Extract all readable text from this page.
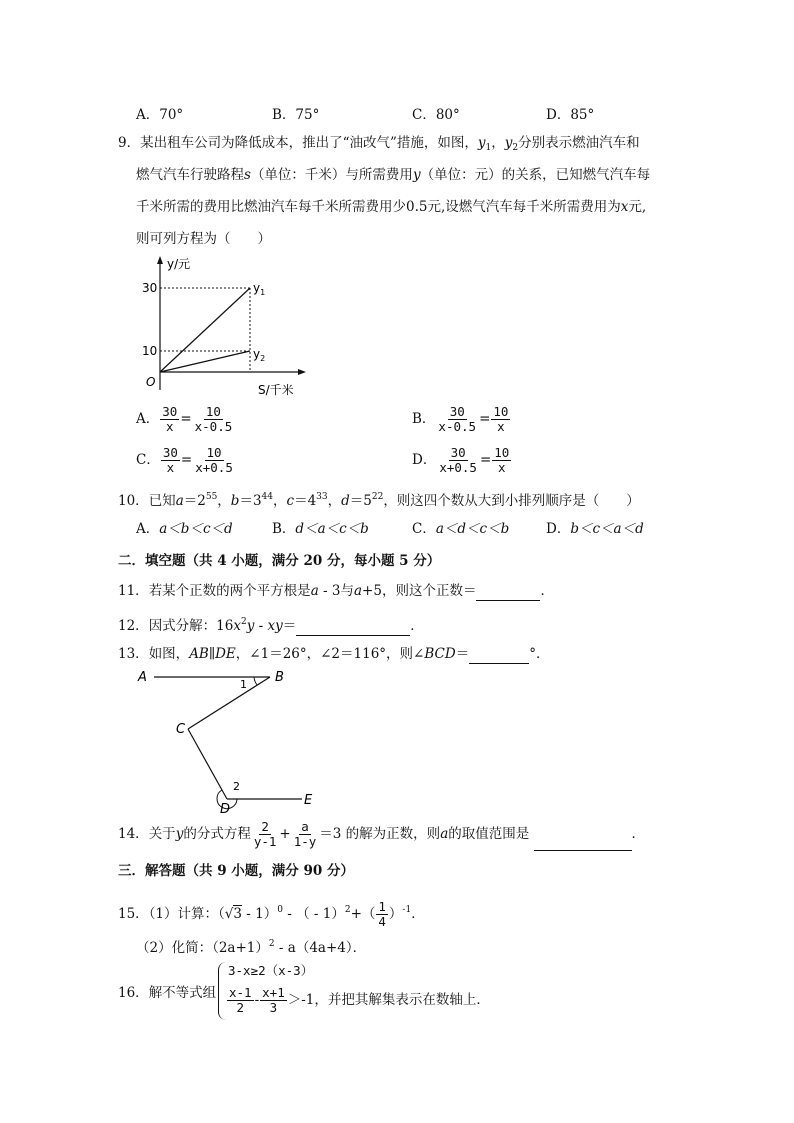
A．70°	B．75°	C．80°	D．85°
9．某出租车公司为降低成本，推出了“油改气”措施，如图，$y_1$，$y_2$分别表示燃油汽车和
燃气汽车行驶路程s（单位：千米）与所需费用y（单位：元）的关系，已知燃气汽车每
千米所需的费用比燃油汽车每千米所需费用少0.5元,设燃气汽车每千米所需费用为x元,
则可列方程为（　　）
y/元
30
10
O
S/千米
$y_1$
$y_2$
A． $\frac{30}{x} = \frac{10}{x-0.5}$	B． $\frac{30}{x-0.5} = \frac{10}{x}$
C． $\frac{30}{x} = \frac{10}{x+0.5}$	D． $\frac{30}{x+0.5} = \frac{10}{x}$
10．已知$a=2^{55}$，$b=3^{44}$，$c=4^{33}$，$d=5^{22}$，则这四个数从大到小排列顺序是（　　）
A．a＜b＜c＜d	B．d＜a＜c＜b	C．a＜d＜c＜b	D．b＜c＜a＜d
二．填空题（共 4 小题，满分 20 分，每小题 5 分）
11．若某个正数的两个平方根是a - 3与a+5，则这个正数＝	．
12．因式分解：$16x^2y - xy=$	．
13．如图，AB∥DE，∠1＝26°，∠2＝116°，则∠BCD＝	°．
A	B
C
D
E
1
2
14．关于y的分式方程 $\frac{2}{y-1} + \frac{a}{1-y} =3$ 的解为正数，则a的取值范围是	．
三．解答题（共 9 小题，满分 90 分）
15．（1）计算：（√3 - 1）$^0$ - （ - $1)^2+( \frac{1}{4} )^{-1}$．
（2）化简：$(2a+1)^2 - a(4a+4)$．
16．解不等式组
3-x≥2（x-3）
$\frac{x-1}{2} - \frac{x+1}{3} >-1$，并把其解集表示在数轴上．
